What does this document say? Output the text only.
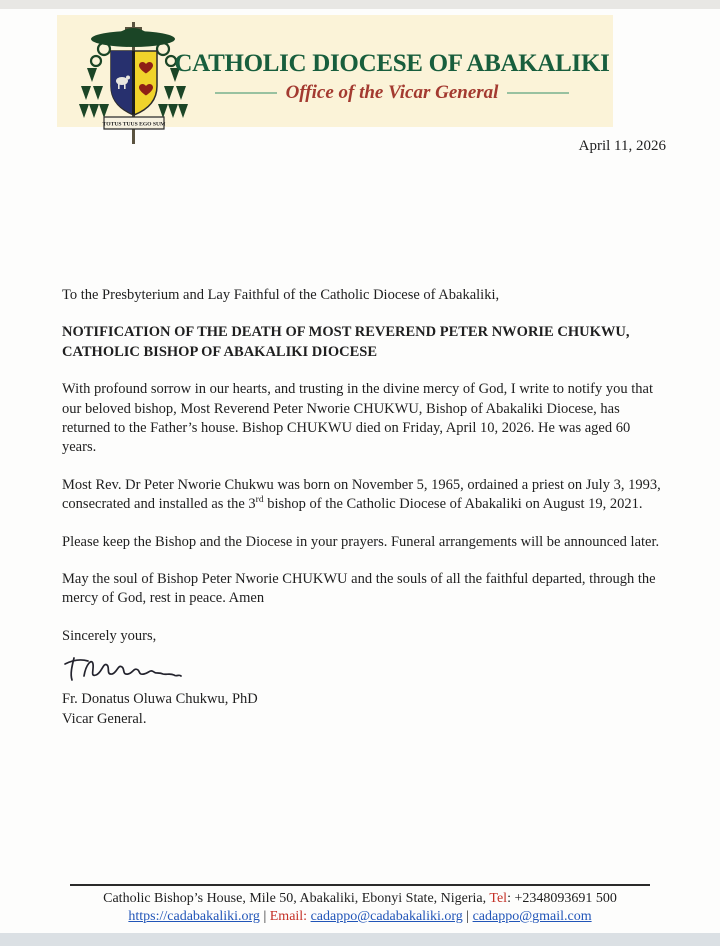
TOTUS TUUS EGO SUM
CATHOLIC DIOCESE OF ABAKALIKI
Office of the Vicar General
April 11, 2026

To the Presbyterium and Lay Faithful of the Catholic Diocese of Abakaliki,

NOTIFICATION OF THE DEATH OF MOST REVEREND PETER NWORIE CHUKWU, CATHOLIC BISHOP OF ABAKALIKI DIOCESE

With profound sorrow in our hearts, and trusting in the divine mercy of God, I write to notify you that our beloved bishop, Most Reverend Peter Nworie CHUKWU, Bishop of Abakaliki Diocese, has returned to the Father’s house. Bishop CHUKWU died on Friday, April 10, 2026. He was aged 60 years.

Most Rev. Dr Peter Nworie Chukwu was born on November 5, 1965, ordained a priest on July 3, 1993, consecrated and installed as the 3rd bishop of the Catholic Diocese of Abakaliki on August 19, 2021.

Please keep the Bishop and the Diocese in your prayers. Funeral arrangements will be announced later.

May the soul of Bishop Peter Nworie CHUKWU and the souls of all the faithful departed, through the mercy of God, rest in peace. Amen

Sincerely yours,

Fr. Donatus Oluwa Chukwu, PhD

Vicar General.

Catholic Bishop’s House, Mile 50, Abakaliki, Ebonyi State, Nigeria, Tel: +2348093691 500
https://cadabakaliki.org | Email: cadappo@cadabakaliki.org | cadappo@gmail.com
